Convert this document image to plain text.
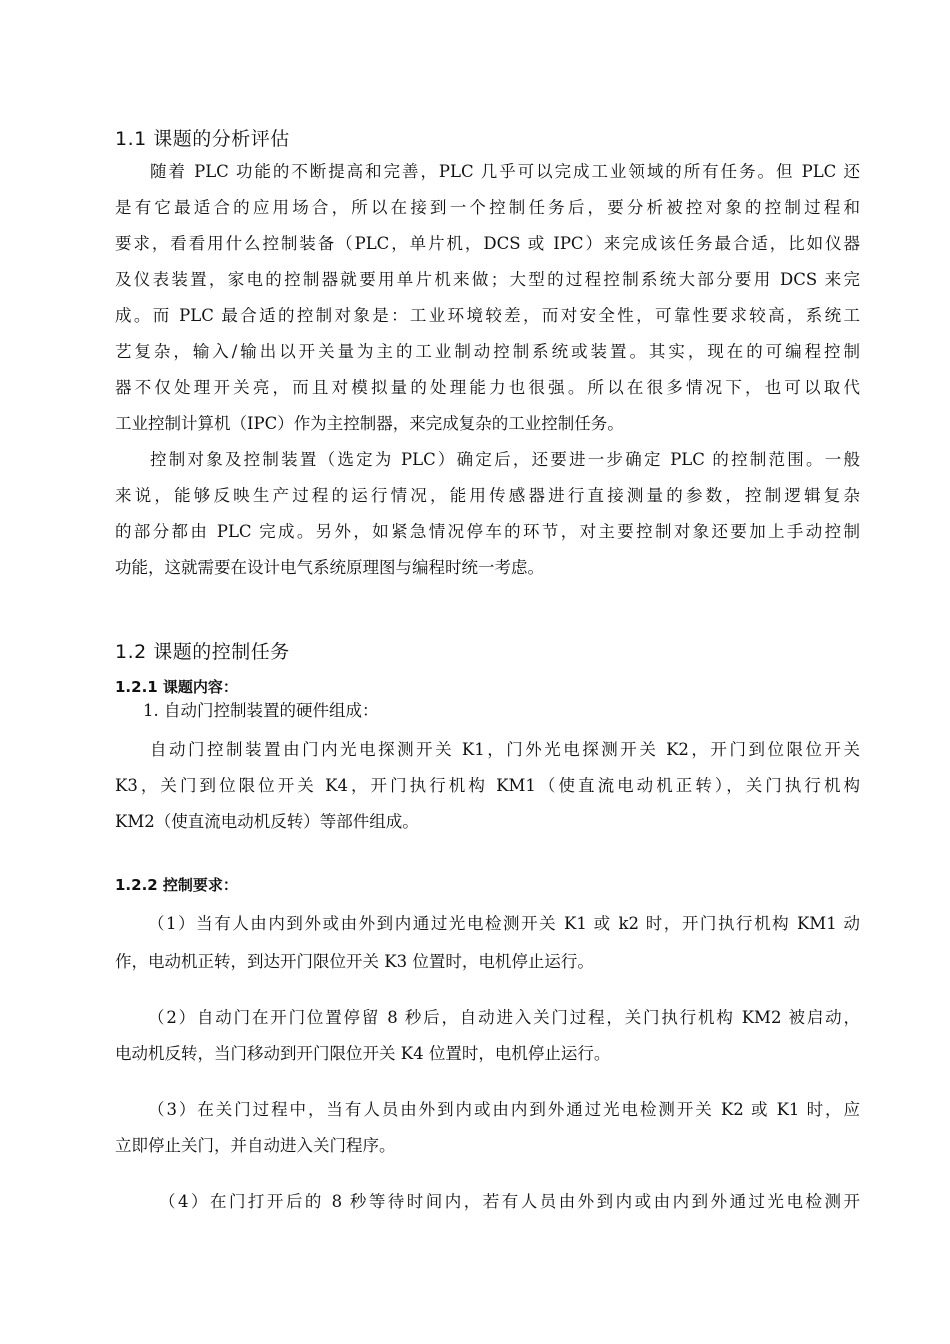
1.1 课题的分析评估
随着 PLC 功能的不断提高和完善，PLC 几乎可以完成工业领域的所有任务。但 PLC 还
是有它最适合的应用场合，所以在接到一个控制任务后，要分析被控对象的控制过程和
要求，看看用什么控制装备（PLC，单片机，DCS 或 IPC）来完成该任务最合适，比如仪器
及仪表装置，家电的控制器就要用单片机来做；大型的过程控制系统大部分要用 DCS 来完
成。而 PLC 最合适的控制对象是：工业环境较差，而对安全性，可靠性要求较高，系统工
艺复杂，输入/输出以开关量为主的工业制动控制系统或装置。其实，现在的可编程控制
器不仅处理开关亮，而且对模拟量的处理能力也很强。所以在很多情况下，也可以取代
工业控制计算机（IPC）作为主控制器，来完成复杂的工业控制任务。
控制对象及控制装置（选定为 PLC）确定后，还要进一步确定 PLC 的控制范围。一般
来说，能够反映生产过程的运行情况，能用传感器进行直接测量的参数，控制逻辑复杂
的部分都由 PLC 完成。另外，如紧急情况停车的环节，对主要控制对象还要加上手动控制
功能，这就需要在设计电气系统原理图与编程时统一考虑。
1.2 课题的控制任务
1.2.1 课题内容：
1. 自动门控制装置的硬件组成：
自动门控制装置由门内光电探测开关 K1，门外光电探测开关 K2，开门到位限位开关
K3，关门到位限位开关 K4，开门执行机构 KM1（使直流电动机正转），关门执行机构
KM2（使直流电动机反转）等部件组成。
1.2.2 控制要求：
（1）当有人由内到外或由外到内通过光电检测开关 K1 或 k2 时，开门执行机构 KM1 动
作，电动机正转，到达开门限位开关 K3 位置时，电机停止运行。
（2）自动门在开门位置停留 8 秒后，自动进入关门过程，关门执行机构 KM2 被启动，
电动机反转，当门移动到开门限位开关 K4 位置时，电机停止运行。
（3）在关门过程中，当有人员由外到内或由内到外通过光电检测开关 K2 或 K1 时，应
立即停止关门，并自动进入关门程序。
（4）在门打开后的 8 秒等待时间内，若有人员由外到内或由内到外通过光电检测开
